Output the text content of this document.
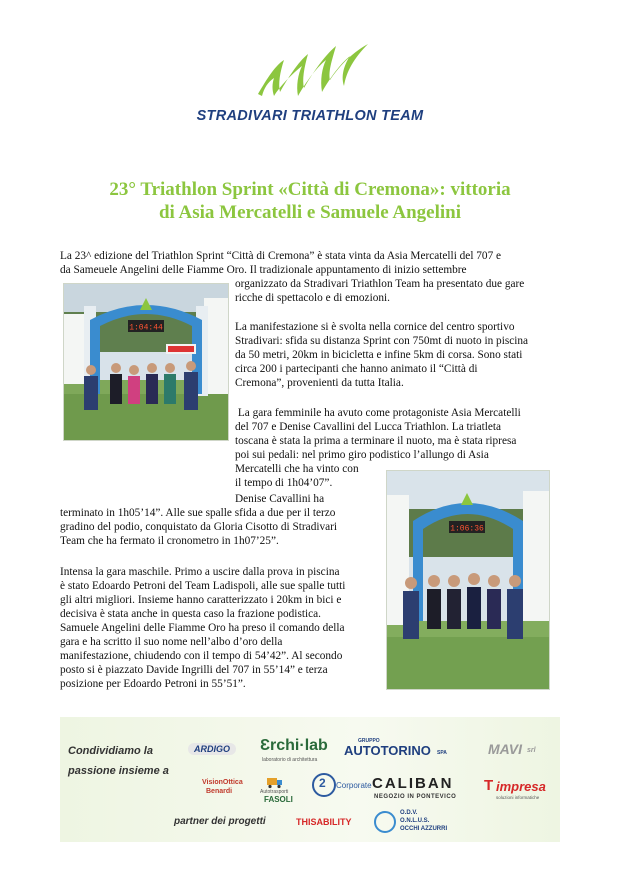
STRADIVARI TRIATHLON TEAM
23° Triathlon Sprint «Città di Cremona»: vittoria
di Asia Mercatelli e Samuele Angelini

La 23^ edizione del Triathlon Sprint “Città di Cremona” è stata vinta da Asia Mercatelli del 707 e

da Sameuele Angelini delle Fiamme Oro. Il tradizionale appuntamento di inizio settembre

organizzato da Stradivari Triathlon Team ha presentato due gare

ricche di spettacolo e di emozioni.

La manifestazione si è svolta nella cornice del centro sportivo

Stradivari: sfida su distanza Sprint con 750mt di nuoto in piscina

da 50 metri, 20km in bicicletta e infine 5km di corsa. Sono stati

circa 200 i partecipanti che hanno animato il “Città di

Cremona”, provenienti da tutta Italia.

La gara femminile ha avuto come protagoniste Asia Mercatelli

del 707 e Denise Cavallini del Lucca Triathlon. La triatleta

toscana è stata la prima a terminare il nuoto, ma è stata ripresa

poi sui pedali: nel primo giro podistico l’allungo di Asia

Mercatelli che ha vinto con

il tempo di 1h04’07”.

Denise Cavallini ha

terminato in 1h05’14”. Alle sue spalle sfida a due per il terzo

gradino del podio, conquistato da Gloria Cisotto di Stradivari

Team che ha fermato il cronometro in 1h07’25”.

Intensa la gara maschile. Primo a uscire dalla prova in piscina

è stato Edoardo Petroni del Team Ladispoli, alle sue spalle tutti

gli altri migliori. Insieme hanno caratterizzato i 20km in bici e

decisiva è stata anche in questa caso la frazione podistica.

Samuele Angelini delle Fiamme Oro ha preso il comando della

gara e ha scritto il suo nome nell’albo d’oro della

manifestazione, chiudendo con il tempo di 54’42”. Al secondo

posto si è piazzato Davide Ingrilli del 707 in 55’14” e terza

posizione per Edoardo Petroni in 55’51”.

1:04:44
1:06:36
Condividiamo la
passione insieme a
partner dei progetti
ARDIGO	Ɛrchi·lab
laboratorio di architettura
GRUPPO
AUTOTORINO SPA	MAVI srl
VisionOttica
Benardi	Autotrasporti
FASOLI
2 Corporate CALIBAN
NEGOZIO IN PONTEVICO
T impresa
soluzioni informatiche
THISABILITY
O.D.V.
O.N.L.U.S.
OCCHI AZZURRI
